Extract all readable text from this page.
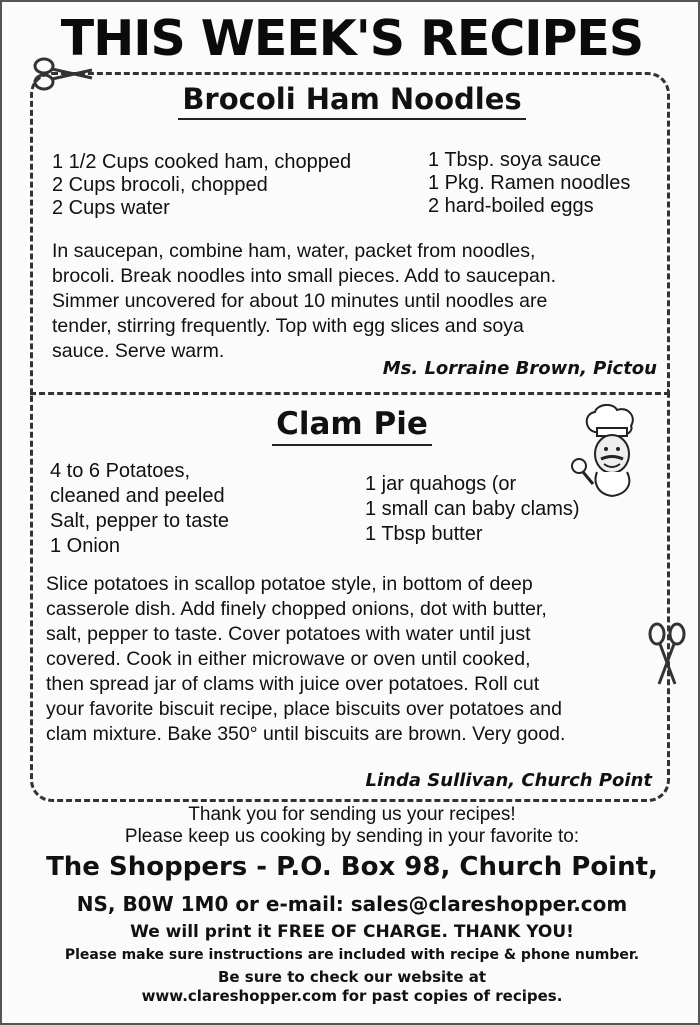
THIS WEEK'S RECIPES
Brocoli Ham Noodles
1 1/2 Cups cooked ham, chopped
2 Cups brocoli, chopped
2 Cups water
1 Tbsp. soya sauce
1 Pkg. Ramen noodles
2 hard-boiled eggs
In saucepan, combine ham, water, packet from noodles,
brocoli. Break noodles into small pieces. Add to saucepan.
Simmer uncovered for about 10 minutes until noodles are
tender, stirring frequently. Top with egg slices and soya
sauce. Serve warm.
Ms. Lorraine Brown, Pictou
Clam Pie
4 to 6 Potatoes,
cleaned and peeled
Salt, pepper to taste
1 Onion
1 jar quahogs (or
1 small can baby clams)
1 Tbsp butter
Slice potatoes in scallop potatoe style, in bottom of deep
casserole dish. Add finely chopped onions, dot with butter,
salt, pepper to taste. Cover potatoes with water until just
covered. Cook in either microwave or oven until cooked,
then spread jar of clams with juice over potatoes. Roll cut
your favorite biscuit recipe, place biscuits over potatoes and
clam mixture. Bake 350° until biscuits are brown. Very good.
Linda Sullivan, Church Point
Thank you for sending us your recipes!
Please keep us cooking by sending in your favorite to:
The Shoppers - P.O. Box 98, Church Point,
NS, B0W 1M0 or e-mail: sales@clareshopper.com
We will print it FREE OF CHARGE. THANK YOU!
Please make sure instructions are included with recipe & phone number.
Be sure to check our website at
www.clareshopper.com for past copies of recipes.
